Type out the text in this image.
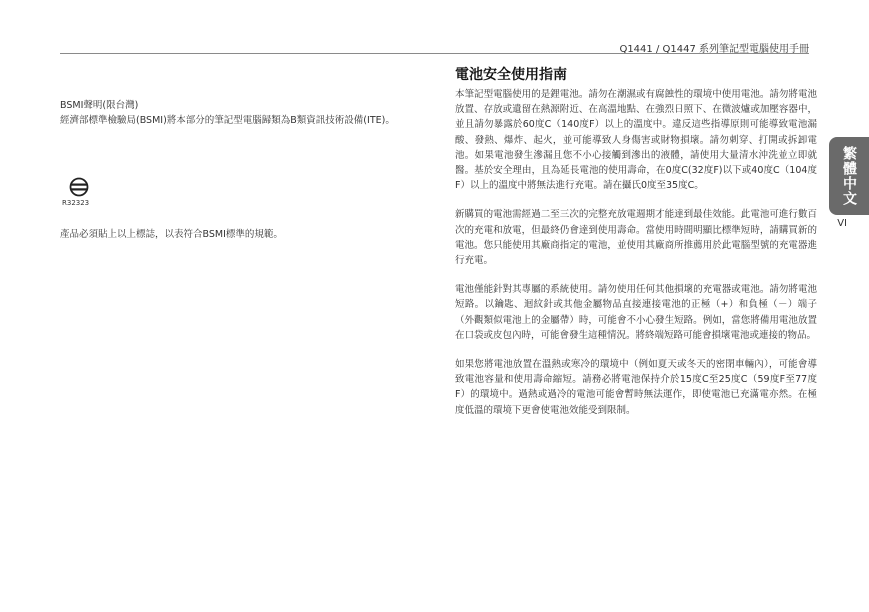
Q1441 / Q1447 系列筆記型電腦使用手冊

BSMI聲明(限台灣)

經濟部標準檢驗局(BSMI)將本部分的筆記型電腦歸類為B類資訊技術設備(ITE)。

R32323

產品必須貼上以上標誌，以表符合BSMI標準的規範。

電池安全使用指南

本筆記型電腦使用的是鋰電池。請勿在潮濕或有腐蝕性的環境中使用電池。請勿將電池放置、存放或遺留在熱源附近、在高溫地點、在強烈日照下、在微波爐或加壓容器中，並且請勿暴露於60度C（140度F）以上的溫度中。違反這些指導原則可能導致電池漏酸、發熱、爆炸、起火，並可能導致人身傷害或財物損壞。請勿刺穿、打開或拆卸電池。如果電池發生滲漏且您不小心接觸到滲出的液體，請使用大量清水沖洗並立即就醫。基於安全理由，且為延長電池的使用壽命，在0度C(32度F)以下或40度C（104度F）以上的溫度中將無法進行充電。請在攝氏0度至35度C。

新購買的電池需經過二至三次的完整充放電週期才能達到最佳效能。此電池可進行數百次的充電和放電，但最終仍會達到使用壽命。當使用時間明顯比標準短時，請購買新的電池。您只能使用其廠商指定的電池，並使用其廠商所推薦用於此電腦型號的充電器進行充電。

電池僅能針對其專屬的系統使用。請勿使用任何其他損壞的充電器或電池。請勿將電池短路。以鑰匙、迴紋針或其他金屬物品直接連接電池的正極（+）和負極（－）端子（外觀類似電池上的金屬帶）時，可能會不小心發生短路。例如，當您將備用電池放置在口袋或皮包內時，可能會發生這種情況。將終端短路可能會損壞電池或連接的物品。

如果您將電池放置在溫熱或寒冷的環境中（例如夏天或冬天的密閉車輛內），可能會導致電池容量和使用壽命縮短。請務必將電池保持介於15度C至25度C（59度F至77度F）的環境中。過熱或過冷的電池可能會暫時無法運作，即使電池已充滿電亦然。在極度低溫的環境下更會使電池效能受到限制。

繁體中文
VI
